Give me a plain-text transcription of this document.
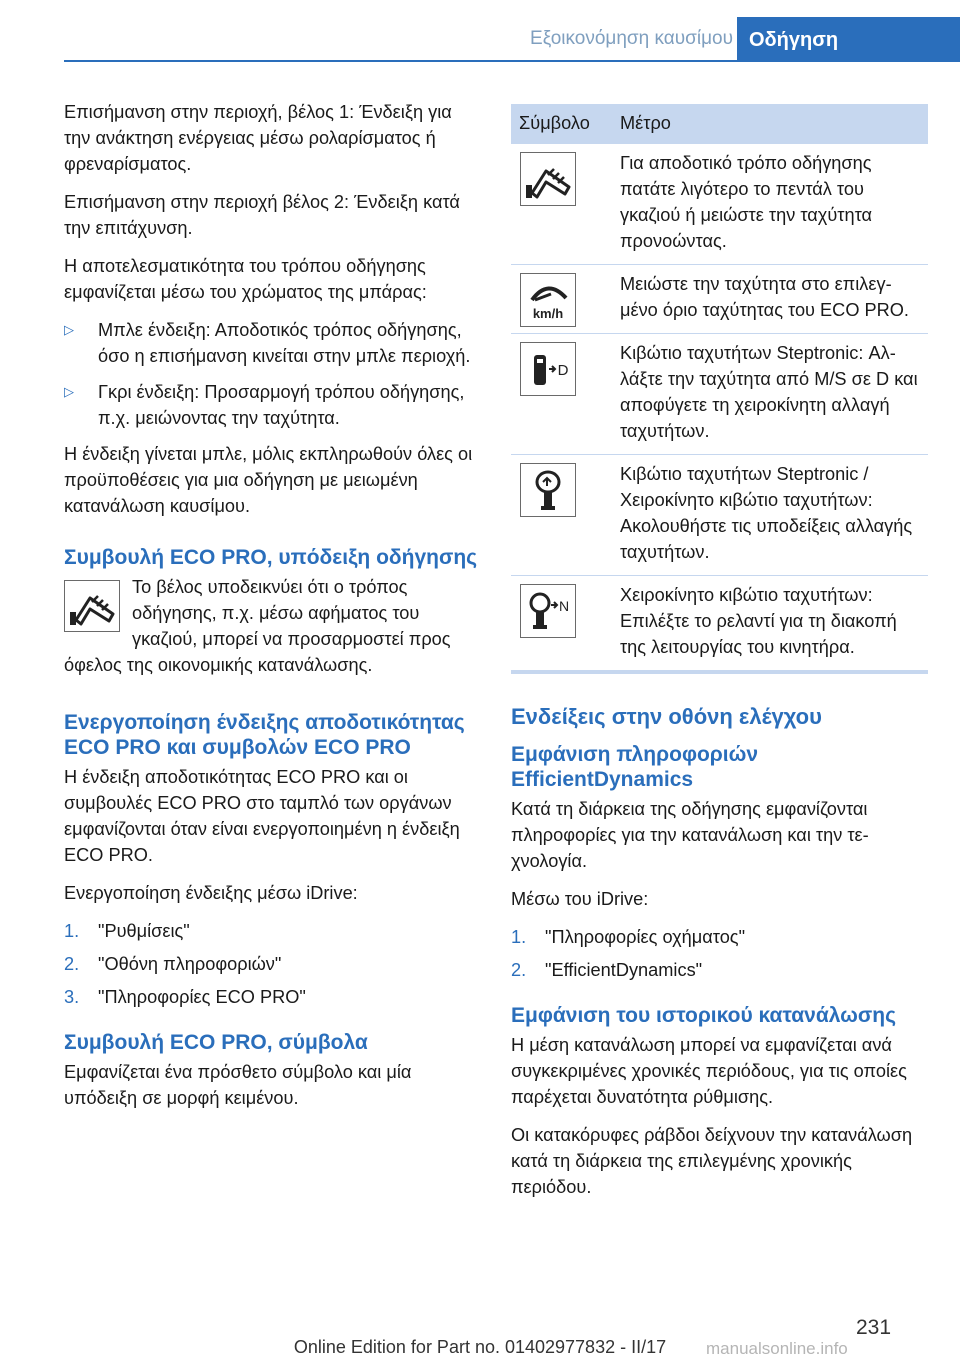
Εξοικονόμηση καυσίμου Οδήγηση

Επισήμανση στην περιοχή, βέλος 1: Ένδειξη για την ανάκτηση ενέργειας μέσω ρολαρίσματος ή φρεναρίσματος.

Επισήμανση στην περιοχή βέλος 2: Ένδειξη κατά την επιτάχυνση.

Η αποτελεσματικότητα του τρόπου οδήγησης εμφανίζεται μέσω του χρώματος της μπάρας:

▷ Μπλε ένδειξη: Αποδοτικός τρόπος οδήγησης, όσο η επισήμανση κινείται στην μπλε περιοχή.
▷ Γκρι ένδειξη: Προσαρμογή τρόπου οδήγησης, π.χ. μειώνοντας την ταχύτητα.

Η ένδειξη γίνεται μπλε, μόλις εκπληρωθούν όλες οι προϋποθέσεις για μια οδήγηση με μειωμένη κατανάλωση καυσίμου.

Συμβουλή ECO PRO, υπόδειξη οδήγησης

Το βέλος υποδεικνύει ότι ο τρόπος οδήγησης, π.χ. μέσω αφήματος του γκαζιού, μπορεί να προσαρμοστεί προς όφελος της οικονομικής κατανάλωσης.

Ενεργοποίηση ένδειξης αποδοτικότητας ECO PRO και συμβολών ECO PRO

Η ένδειξη αποδοτικότητας ECO PRO και οι συμβουλές ECO PRO στο ταμπλό των οργάνων εμφανίζονται όταν είναι ενεργοποιημένη η ένδειξη ECO PRO.

Ενεργοποίηση ένδειξης μέσω iDrive:

1. "Ρυθμίσεις"
2. "Οθόνη πληροφοριών"
3. "Πληροφορίες ECO PRO"
Συμβουλή ECO PRO, σύμβολα

Εμφανίζεται ένα πρόσθετο σύμβολο και μία υπόδειξη σε μορφή κειμένου.

Σύμβολο	Μέτρο

	Για αποδοτικό τρόπο οδήγησης πατάτε λιγότερο το πεντάλ του γκαζιού ή μειώστε την ταχύτητα προνοώντας.

km/h	Μειώστε την ταχύτητα στο επιλεγμένο όριο ταχύτητας του ECO PRO.

D	Κιβώτιο ταχυτήτων Steptronic: Αλλάξτε την ταχύτητα από M/S σε D και αποφύγετε τη χειροκίνητη αλλαγή ταχυτήτων.

	Κιβώτιο ταχυτήτων Steptronic / Χειροκίνητο κιβώτιο ταχυτήτων: Ακολουθήστε τις υποδείξεις αλλαγής ταχυτήτων.

N	Χειροκίνητο κιβώτιο ταχυτήτων: Επιλέξτε το ρελαντί για τη διακοπή της λειτουργίας του κινητήρα.
Ενδείξεις στην οθόνη ελέγχου
Εμφάνιση πληροφοριών EfficientDynamics

Κατά τη διάρκεια της οδήγησης εμφανίζονται πληροφορίες για την κατανάλωση και την τεχνολογία.

Μέσω του iDrive:

1. "Πληροφορίες οχήματος"
2. "EfficientDynamics"
Εμφάνιση του ιστορικού κατανάλωσης

Η μέση κατανάλωση μπορεί να εμφανίζεται ανά συγκεκριμένες χρονικές περιόδους, για τις οποίες παρέχεται δυνατότητα ρύθμισης.

Οι κατακόρυφες ράβδοι δείχνουν την κατανάλωση κατά τη διάρκεια της επιλεγμένης χρονικής περιόδου.

231
Online Edition for Part no. 01402977832 - II/17	manualsonline.info
